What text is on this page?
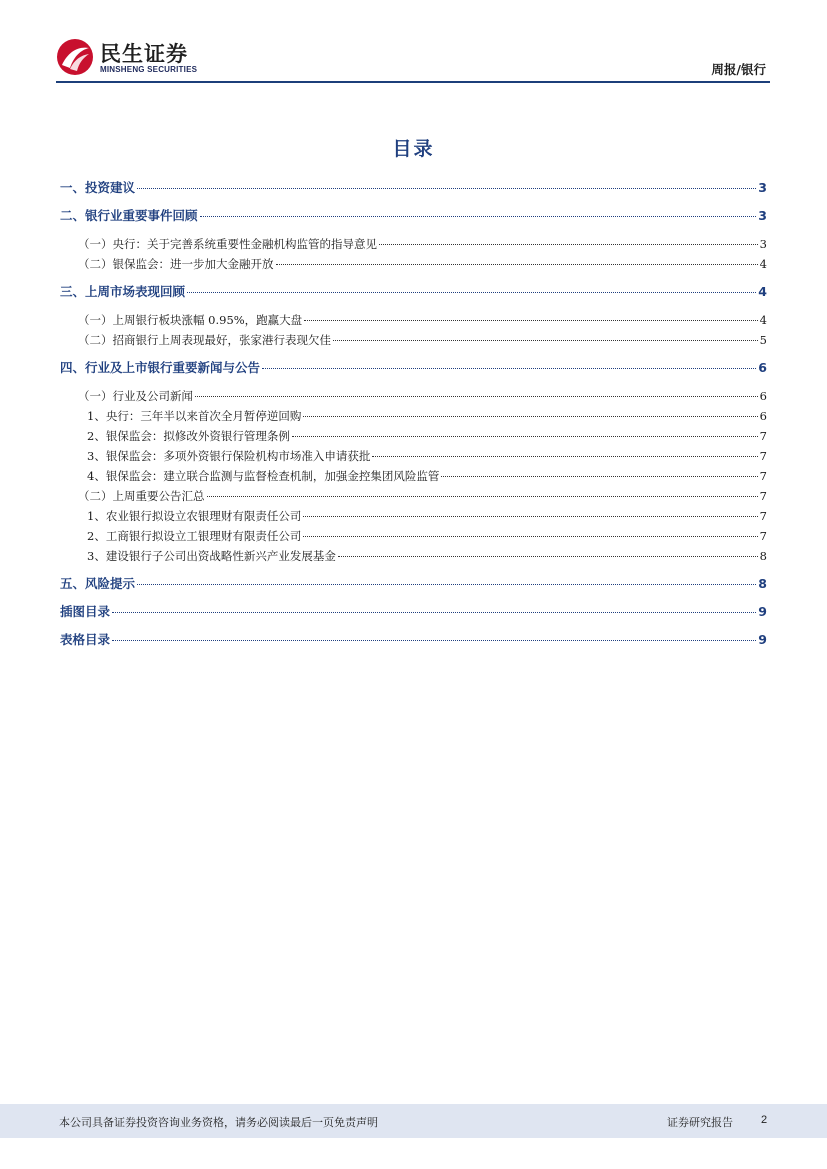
民生证券
MINSHENG SECURITIES	周报/银行
目录
一、投资建议	3
二、银行业重要事件回顾	3
（一）央行：关于完善系统重要性金融机构监管的指导意见	3
（二）银保监会：进一步加大金融开放	4
三、上周市场表现回顾	4
（一）上周银行板块涨幅 0.95%，跑赢大盘	4
（二）招商银行上周表现最好，张家港行表现欠佳	5
四、行业及上市银行重要新闻与公告	6
（一）行业及公司新闻	6
1、央行：三年半以来首次全月暂停逆回购	6
2、银保监会：拟修改外资银行管理条例	7
3、银保监会：多项外资银行保险机构市场准入申请获批	7
4、银保监会：建立联合监测与监督检查机制，加强金控集团风险监管	7
（二）上周重要公告汇总	7
1、农业银行拟设立农银理财有限责任公司	7
2、工商银行拟设立工银理财有限责任公司	7
3、建设银行子公司出资战略性新兴产业发展基金	8
五、风险提示	8
插图目录	9
表格目录	9
本公司具备证券投资咨询业务资格，请务必阅读最后一页免责声明	证券研究报告	2
